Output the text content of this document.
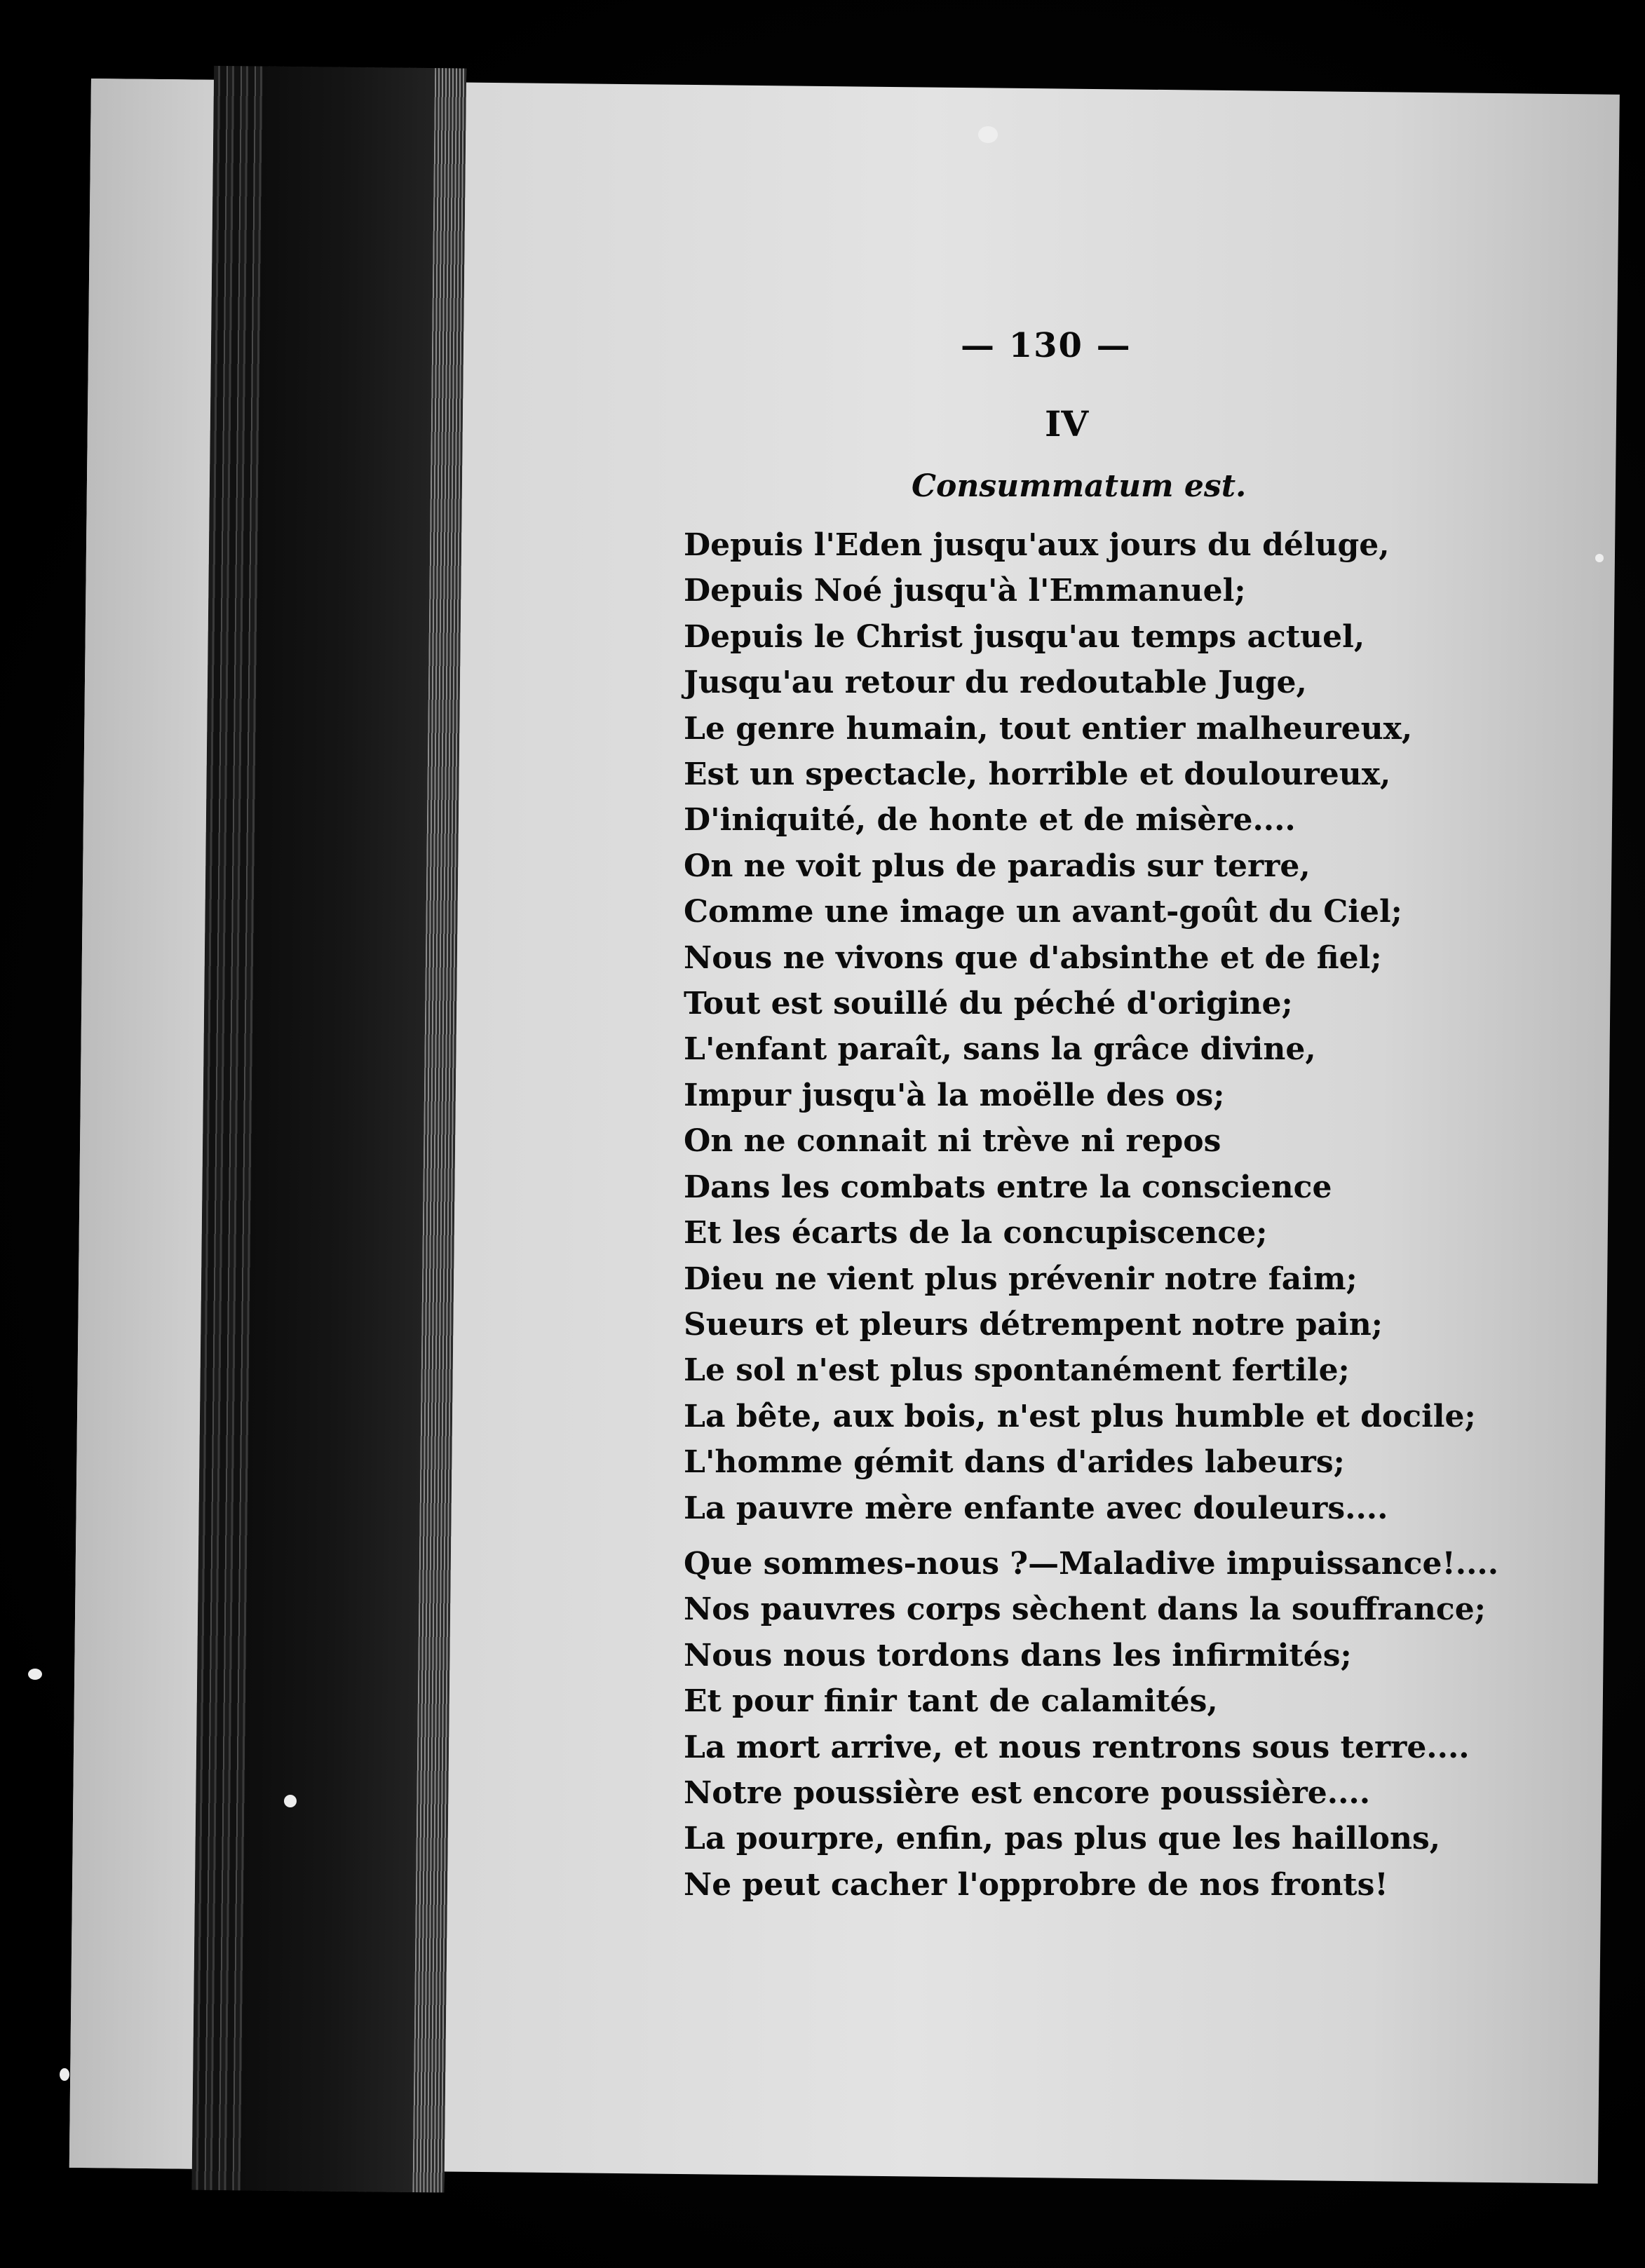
— 130 —
IV
Consummatum est.
Depuis l'Eden jusqu'aux jours du déluge,
Depuis Noé jusqu'à l'Emmanuel;
Depuis le Christ jusqu'au temps actuel,
Jusqu'au retour du redoutable Juge,
Le genre humain, tout entier malheureux,
Est un spectacle, horrible et douloureux,
D'iniquité, de honte et de misère....
On ne voit plus de paradis sur terre,
Comme une image un avant-goût du Ciel;
Nous ne vivons que d'absinthe et de fiel;
Tout est souillé du péché d'origine;
L'enfant paraît, sans la grâce divine,
Impur jusqu'à la moëlle des os;
On ne connait ni trève ni repos
Dans les combats entre la conscience
Et les écarts de la concupiscence;
Dieu ne vient plus prévenir notre faim;
Sueurs et pleurs détrempent notre pain;
Le sol n'est plus spontanément fertile;
La bête, aux bois, n'est plus humble et docile;
L'homme gémit dans d'arides labeurs;
La pauvre mère enfante avec douleurs....
Que sommes-nous ?—Maladive impuissance!....
Nos pauvres corps sèchent dans la souffrance;
Nous nous tordons dans les infirmités;
Et pour finir tant de calamités,
La mort arrive, et nous rentrons sous terre....
Notre poussière est encore poussière....
La pourpre, enfin, pas plus que les haillons,
Ne peut cacher l'opprobre de nos fronts!
